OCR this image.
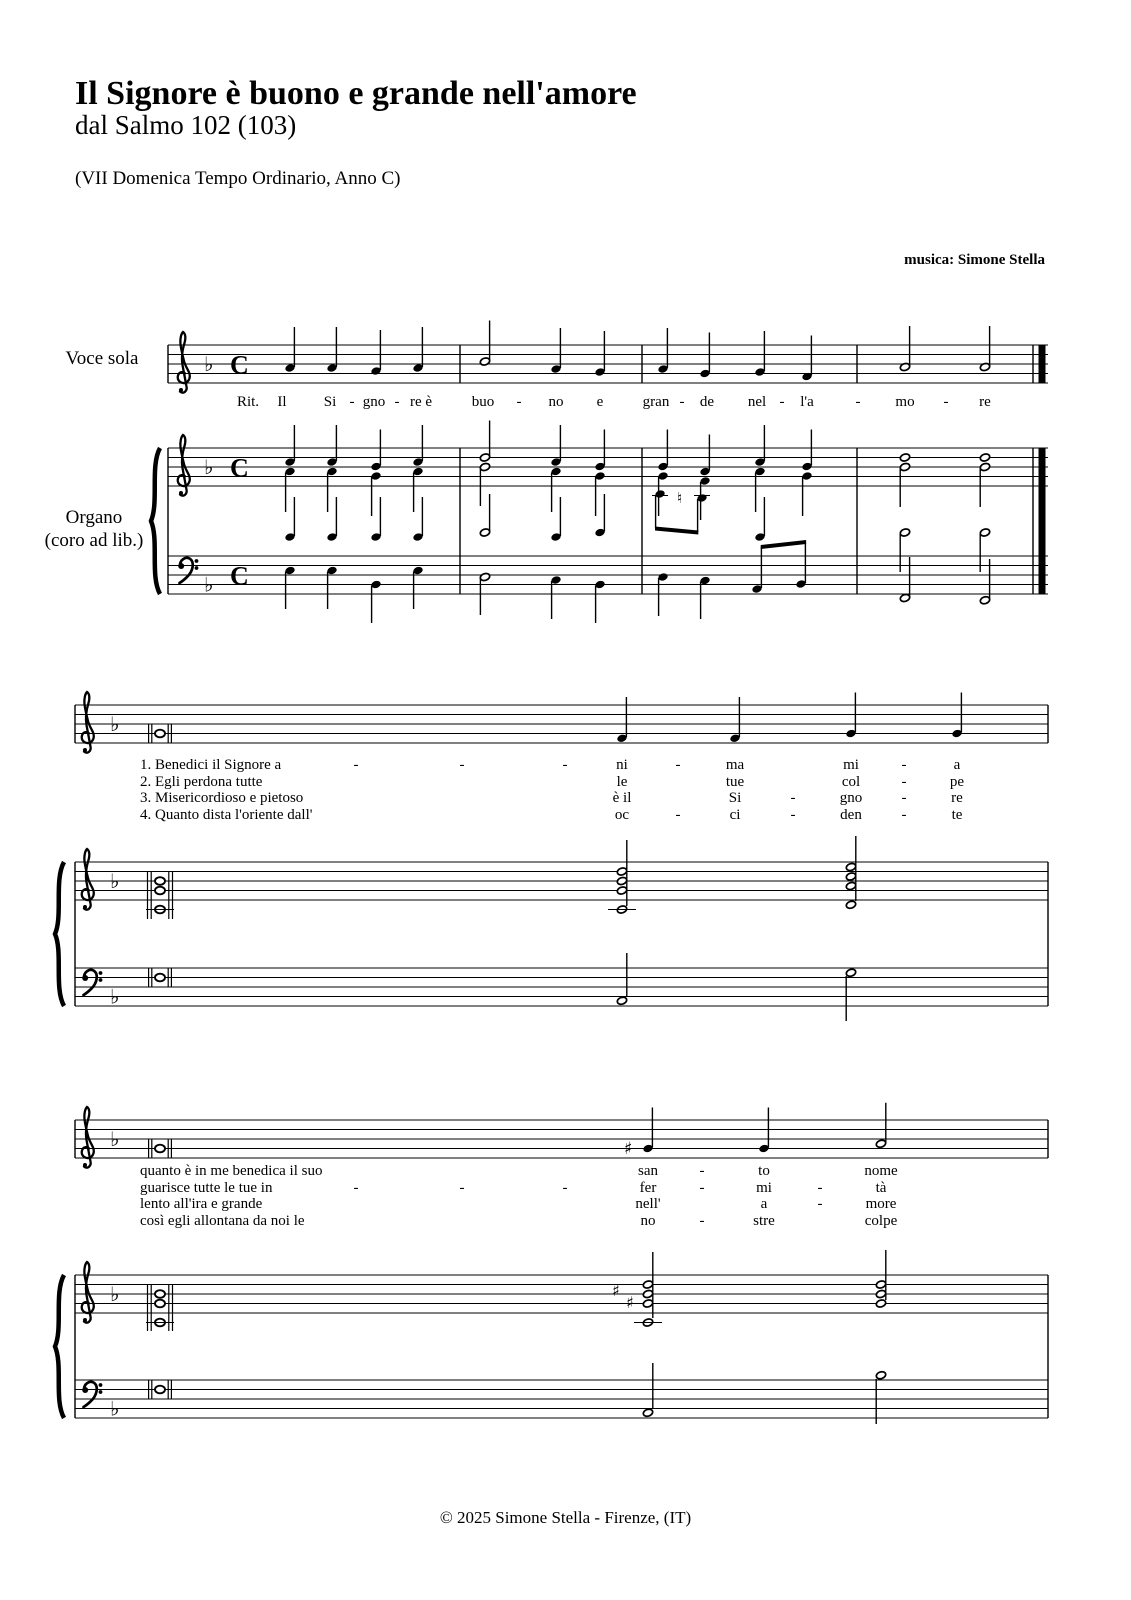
♭ C
♭
♭
C
C
♮
♭
♭
♭
♭	♯
♭
♭
♯
♯
Il Signore è buono e grande nell'amore
dal Salmo 102 (103)
(VII Domenica Tempo Ordinario, Anno C)
musica: Simone Stella
Voce sola
Organo
(coro ad lib.)
Rit. Il Si - gno - re è	buo - no e	gran - de nel - l'a	- mo - re
1. Benedici il Signore a	-	-	-	ni	-	ma	mi	-	a
2. Egli perdona tutte	le	tue	col	-	pe
3. Misericordioso e pietoso	è il	Si	-	gno	-	re
4. Quanto dista l'oriente dall'	oc	-	ci	-	den	-	te
quanto è in me benedica il suo	san	-	to	nome
guarisce tutte le tue in	-	-	-	fer	-	mi	-	tà
lento all'ira e grande	nell'	a	-	more
così egli allontana da noi le	no	-	stre	colpe
© 2025 Simone Stella - Firenze, (IT)
